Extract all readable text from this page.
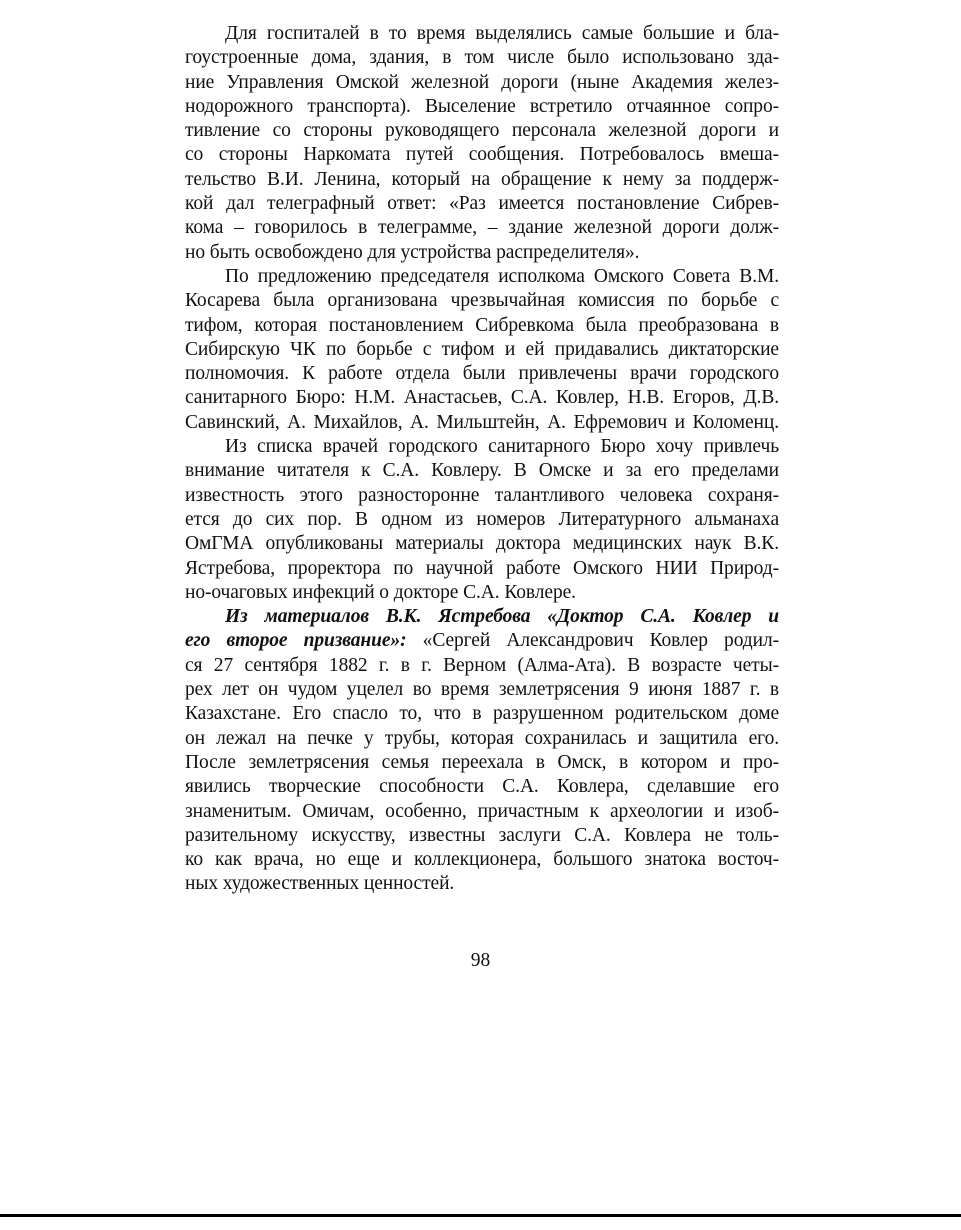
Для госпиталей в то время выделялись самые большие и бла-
гоустроенные дома, здания, в том числе было использовано зда-
ние Управления Омской железной дороги (ныне Академия желез-
нодорожного транспорта). Выселение встретило отчаянное сопро-
тивление со стороны руководящего персонала железной дороги и
со стороны Наркомата путей сообщения. Потребовалось вмеша-
тельство В.И. Ленина, который на обращение к нему за поддерж-
кой дал телеграфный ответ: «Раз имеется постановление Сибрев-
кома – говорилось в телеграмме, – здание железной дороги долж-
но быть освобождено для устройства распределителя».

По предложению председателя исполкома Омского Совета В.М.
Косарева была организована чрезвычайная комиссия по борьбе с
тифом, которая постановлением Сибревкома была преобразована в
Сибирскую ЧК по борьбе с тифом и ей придавались диктаторские
полномочия. К работе отдела были привлечены врачи городского
санитарного Бюро: Н.М. Анастасьев, С.А. Ковлер, Н.В. Егоров, Д.В.
Савинский, А. Михайлов, А. Мильштейн, А. Ефремович и Коломенц.

Из списка врачей городского санитарного Бюро хочу привлечь
внимание читателя к С.А. Ковлеру. В Омске и за его пределами
известность этого разносторонне талантливого человека сохраня-
ется до сих пор. В одном из номеров Литературного альманаха
ОмГМА опубликованы материалы доктора медицинских наук В.К.
Ястребова, проректора по научной работе Омского НИИ Природ-
но-очаговых инфекций о докторе С.А. Ковлере.

Из материалов В.К. Ястребова «Доктор С.А. Ковлер и
его второе призвание»: «Сергей Александрович Ковлер родил-
ся 27 сентября 1882 г. в г. Верном (Алма-Ата). В возрасте четы-
рех лет он чудом уцелел во время землетрясения 9 июня 1887 г. в
Казахстане. Его спасло то, что в разрушенном родительском доме
он лежал на печке у трубы, которая сохранилась и защитила его.
После землетрясения семья переехала в Омск, в котором и про-
явились творческие способности С.А. Ковлера, сделавшие его
знаменитым. Омичам, особенно, причастным к археологии и изоб-
разительному искусству, известны заслуги С.А. Ковлера не толь-
ко как врача, но еще и коллекционера, большого знатока восточ-
ных художественных ценностей.

98
